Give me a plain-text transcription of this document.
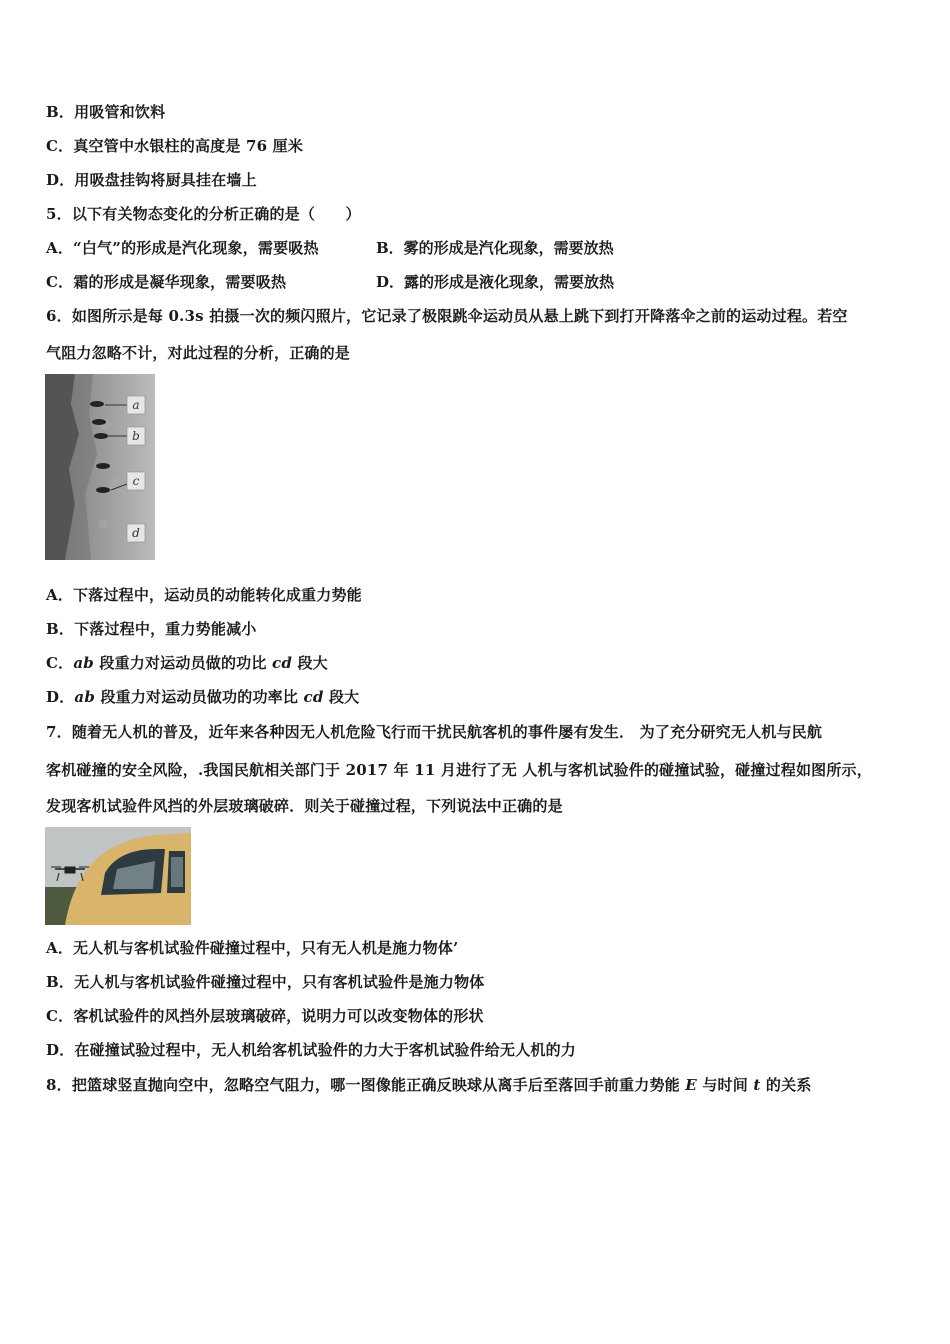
B．用吸管和饮料
C．真空管中水银柱的高度是 76 厘米
D．用吸盘挂钩将厨具挂在墙上
5．以下有关物态变化的分析正确的是（　　）
A．“白气”的形成是汽化现象，需要吸热	B．雾的形成是汽化现象，需要放热
C．霜的形成是凝华现象，需要吸热	D．露的形成是液化现象，需要放热
6．如图所示是每 0.3s 拍摄一次的频闪照片，它记录了极限跳伞运动员从悬上跳下到打开降落伞之前的运动过程。若空
气阻力忽略不计，对此过程的分析，正确的是
a
b
c
d
A．下落过程中，运动员的动能转化成重力势能
B．下落过程中，重力势能减小
C．ab 段重力对运动员做的功比 cd 段大
D．ab 段重力对运动员做功的功率比 cd 段大
7．随着无人机的普及，近年来各种因无人机危险飞行而干扰民航客机的事件屡有发生． 为了充分研究无人机与民航
客机碰撞的安全风险，.我国民航相关部门于 2017 年 11 月进行了无 人机与客机试验件的碰撞试验，碰撞过程如图所示，
发现客机试验件风挡的外层玻璃破碎．则关于碰撞过程，下列说法中正确的是
A．无人机与客机试验件碰撞过程中，只有无人机是施力物体’
B．无人机与客机试验件碰撞过程中，只有客机试验件是施力物体
C．客机试验件的风挡外层玻璃破碎，说明力可以改变物体的形状
D．在碰撞试验过程中，无人机给客机试验件的力大于客机试验件给无人机的力
8．把篮球竖直抛向空中，忽略空气阻力，哪一图像能正确反映球从离手后至落回手前重力势能 E 与时间 t 的关系
